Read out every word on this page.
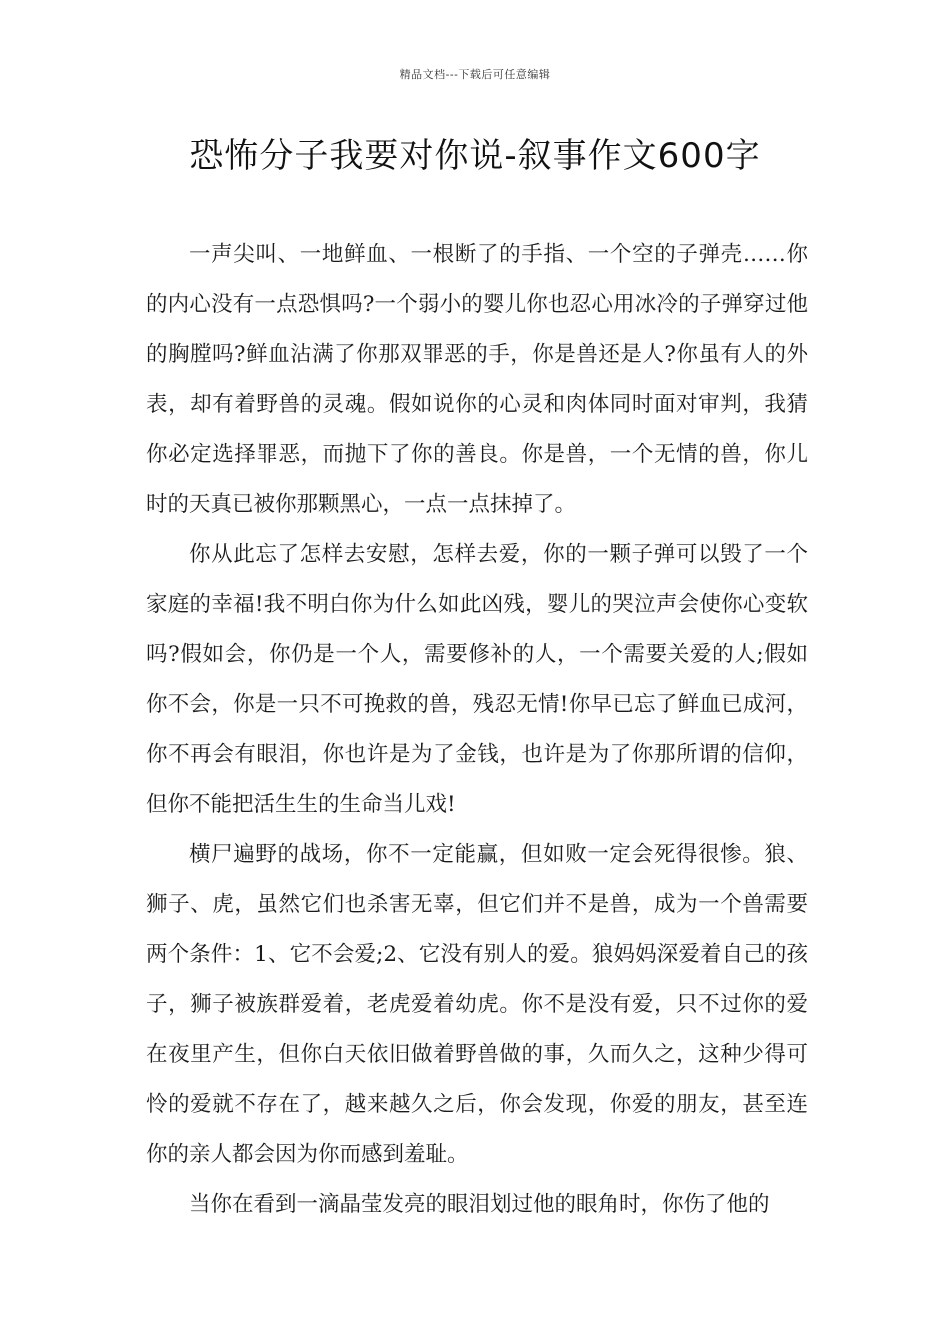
精品文档---下载后可任意编辑
恐怖分子我要对你说-叙事作文600字

一声尖叫、一地鲜血、一根断了的手指、一个空的子弹壳……你的内心没有一点恐惧吗?一个弱小的婴儿你也忍心用冰冷的子弹穿过他的胸膛吗?鲜血沾满了你那双罪恶的手，你是兽还是人?你虽有人的外表，却有着野兽的灵魂。假如说你的心灵和肉体同时面对审判，我猜你必定选择罪恶，而抛下了你的善良。你是兽，一个无情的兽，你儿时的天真已被你那颗黑心，一点一点抹掉了。

你从此忘了怎样去安慰，怎样去爱，你的一颗子弹可以毁了一个家庭的幸福!我不明白你为什么如此凶残，婴儿的哭泣声会使你心变软吗?假如会，你仍是一个人，需要修补的人，一个需要关爱的人;假如你不会，你是一只不可挽救的兽，残忍无情!你早已忘了鲜血已成河，你不再会有眼泪，你也许是为了金钱，也许是为了你那所谓的信仰，但你不能把活生生的生命当儿戏!

横尸遍野的战场，你不一定能赢，但如败一定会死得很惨。狼、狮子、虎，虽然它们也杀害无辜，但它们并不是兽，成为一个兽需要两个条件：1、它不会爱;2、它没有别人的爱。狼妈妈深爱着自己的孩子，狮子被族群爱着，老虎爱着幼虎。你不是没有爱，只不过你的爱在夜里产生，但你白天依旧做着野兽做的事，久而久之，这种少得可怜的爱就不存在了，越来越久之后，你会发现，你爱的朋友，甚至连你的亲人都会因为你而感到羞耻。

当你在看到一滴晶莹发亮的眼泪划过他的眼角时，你伤了他的
